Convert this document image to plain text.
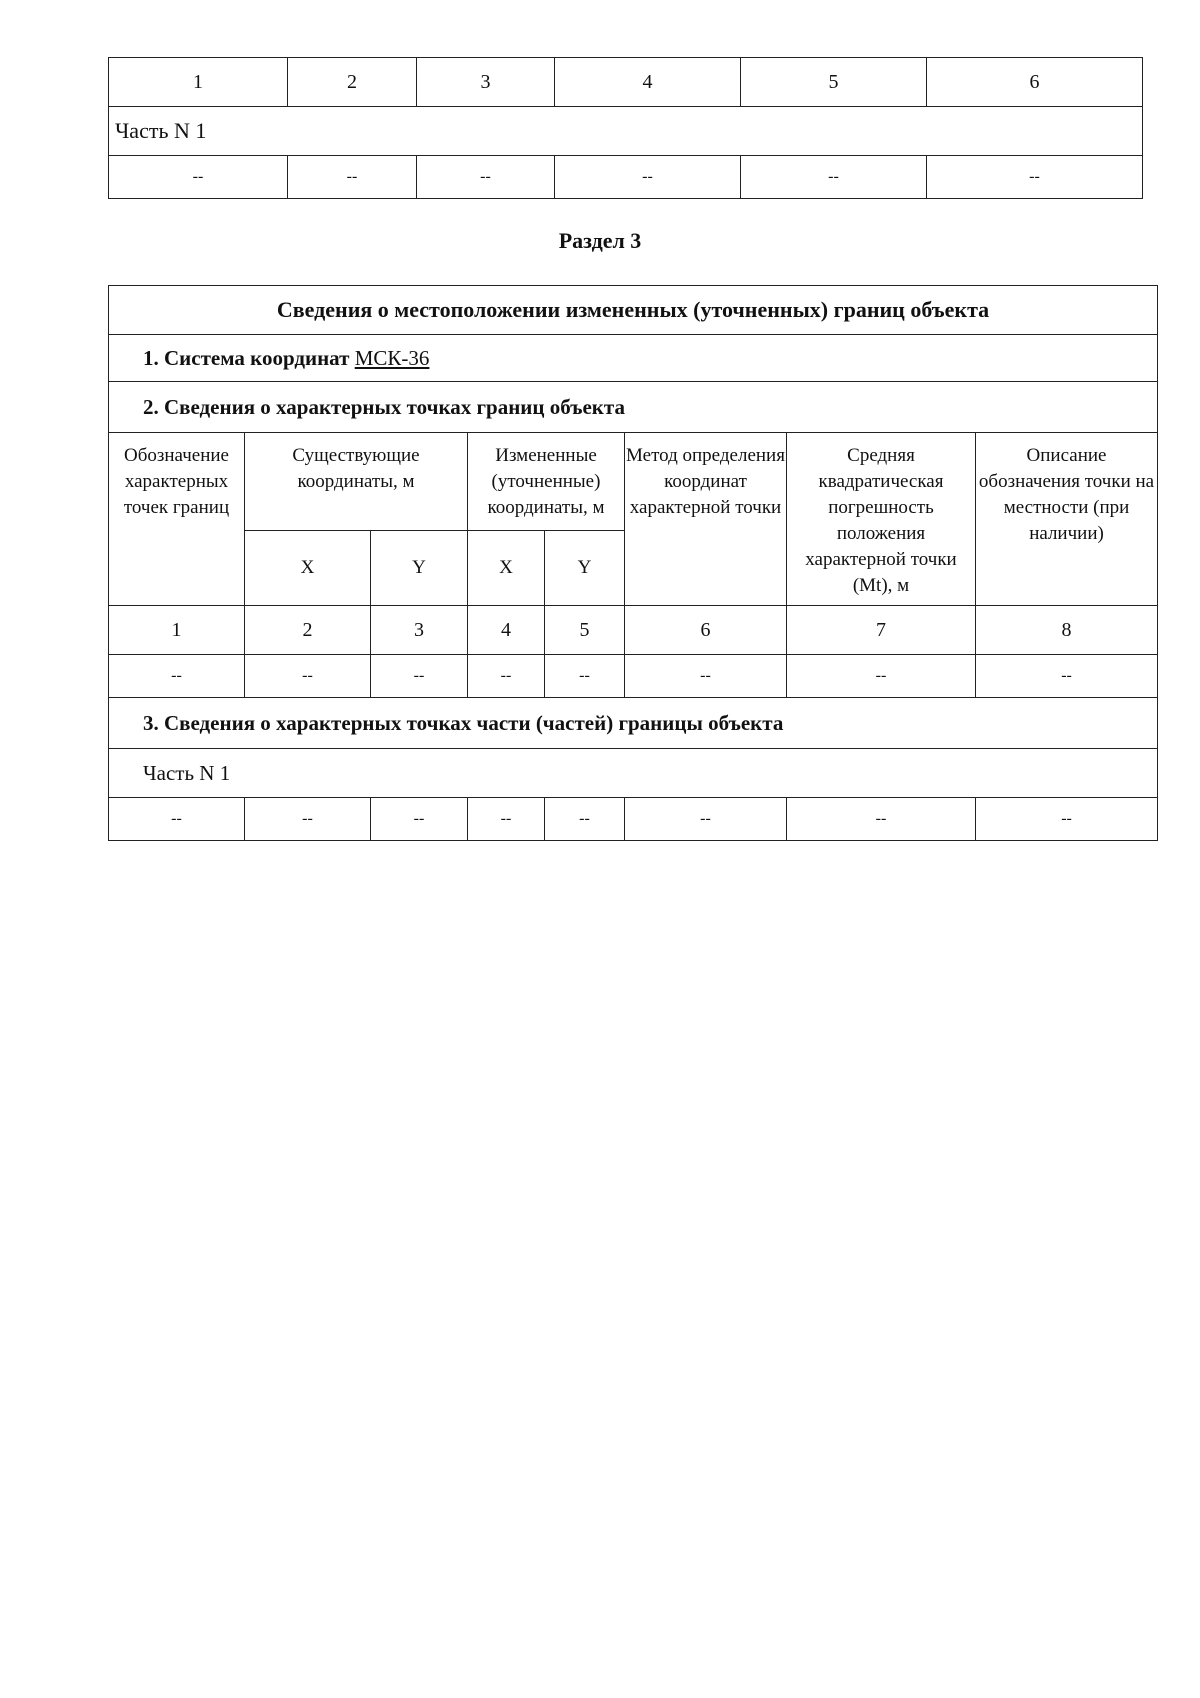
1	2	3	4	5	6
Часть N 1					
--	--	--	--	--	--
Раздел 3
Сведения о местоположении измененных (уточненных) границ объекта							
1. Система координат МСК-36							
2. Сведения о характерных точках границ объекта							
Обозначение характерных точек границ	Существующие координаты, м		Измененные (уточненные) координаты, м		Метод определения координат характерной точки	Средняя квадратическая погрешность положения характерной точки (Mt), м	Описание обозначения точки на местности (при наличии)
	X	Y	X	Y			
1	2	3	4	5	6	7	8
--	--	--	--	--	--	--	--
3. Сведения о характерных точках части (частей) границы объекта							
Часть N 1							
--	--	--	--	--	--	--	--
